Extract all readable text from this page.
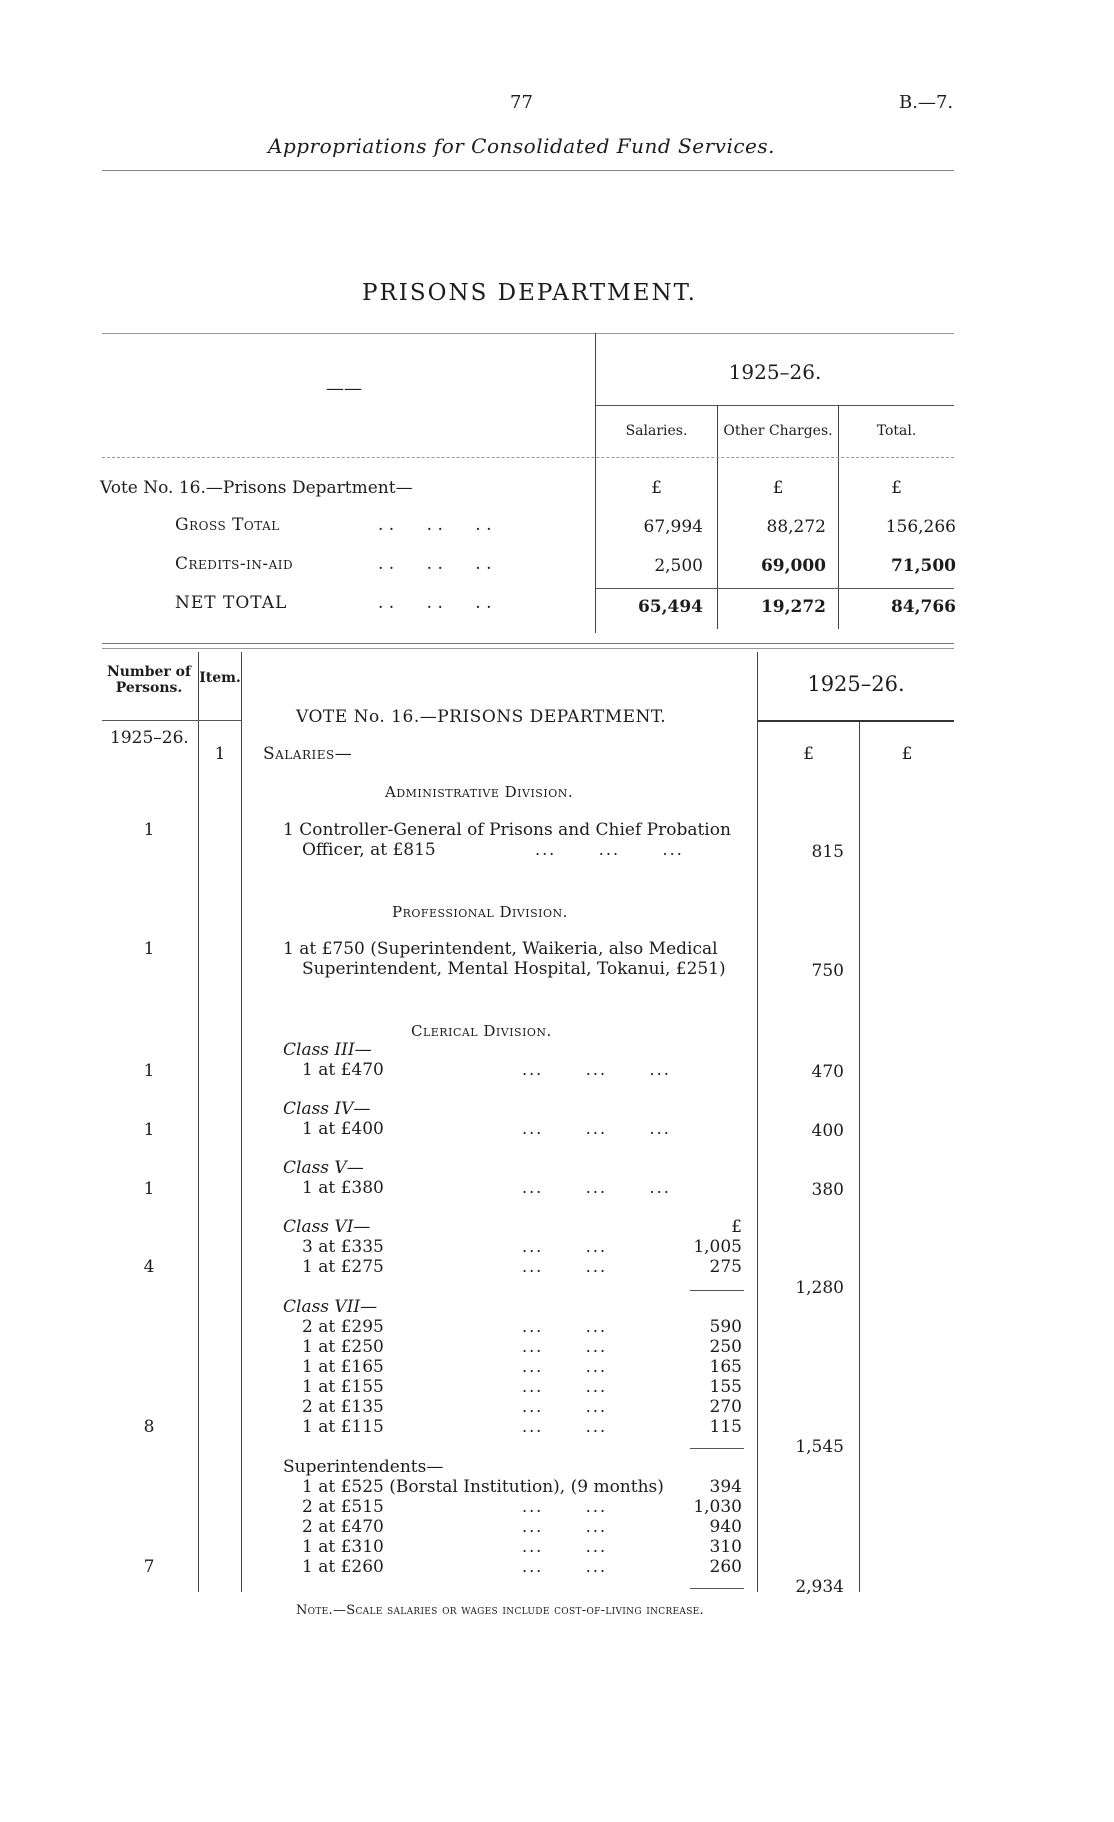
77	B.—7.
Appropriations for Consolidated Fund Services.
PRISONS DEPARTMENT.
——
1925–26.
Salaries.	Other Charges.	Total.
Vote No. 16.—Prisons Department—	£	£	£
Gross Total	. .      . .      . .	67,994	88,272	156,266
Credits-in-aid	. .      . .      . .	2,500	69,000	71,500
NET TOTAL	. .      . .      . .	65,494	19,272	84,766
Number of Persons.
Item.
1925–26.
VOTE No. 16.—PRISONS DEPARTMENT.
1925–26.
1	Salaries—	£	£
Administrative Division.
1	1 Controller-General of Prisons and Chief Probation
Officer, at £815	...      ...      ...	815
Professional Division.
1	1 at £750 (Superintendent, Waikeria, also Medical
Superintendent, Mental Hospital, Tokanui, £251)	750
Clerical Division.
Class III—
1	1 at £470	...      ...      ...	470
Class IV—
1	1 at £400	...      ...      ...	400
Class V—
1	1 at £380	...      ...      ...	380
Class VI—	£
3 at £335	...      ...	1,005
4	1 at £275	...      ...	275
1,280
Class VII—
2 at £295	...      ...	590
1 at £250	...      ...	250
1 at £165	...      ...	165
1 at £155	...      ...	155
2 at £135	...      ...	270
8	1 at £115	...      ...	115
1,545
Superintendents—
1 at £525 (Borstal Institution), (9 months)	394
2 at £515	...      ...	1,030
2 at £470	...      ...	940
1 at £310	...      ...	310
7	1 at £260	...      ...	260
2,934
Note.—Scale salaries or wages include cost-of-living increase.
